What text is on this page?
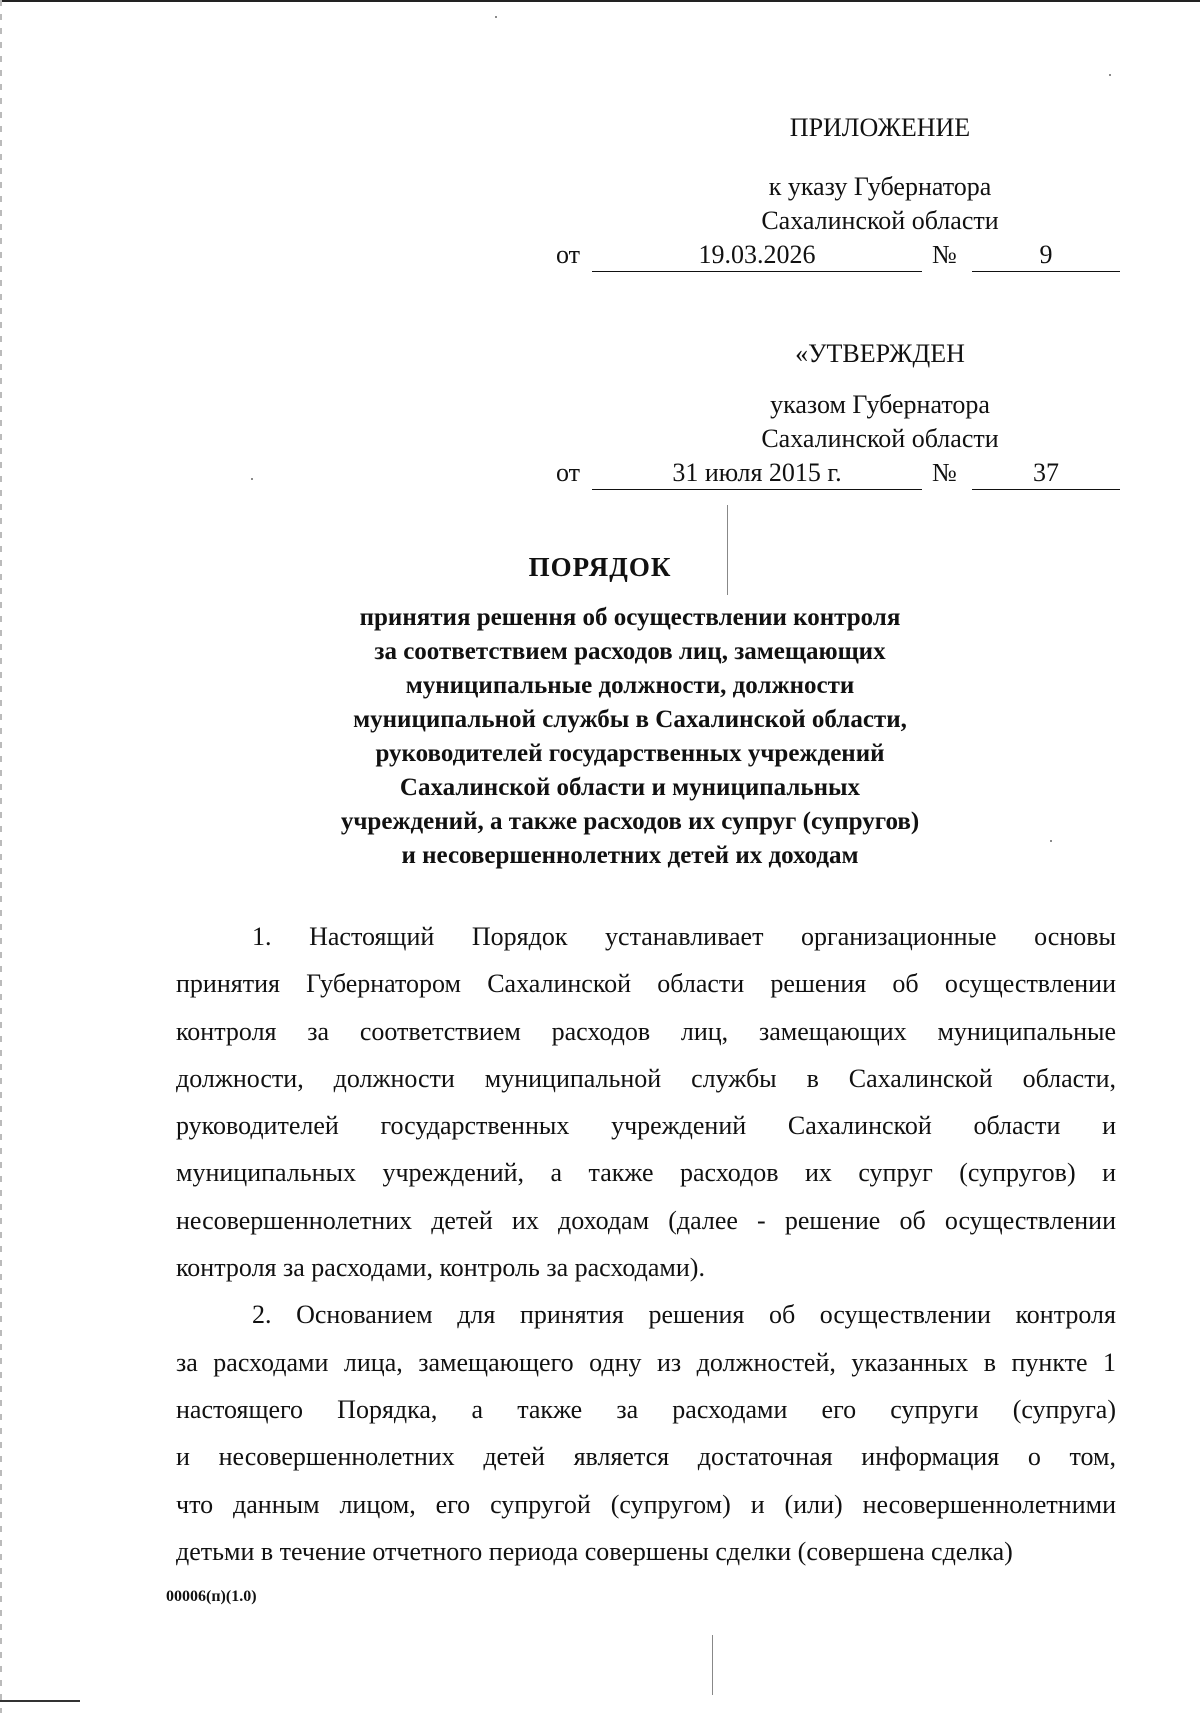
ПРИЛОЖЕНИЕ
к указу Губернатора
Сахалинской области
от	19.03.2026	№	9
«УТВЕРЖДЕН
указом Губернатора
Сахалинской области
от	31 июля 2015 г.	№	37
ПОРЯДОК
принятия решення об осуществлении контроля
за соответствием расходов лиц, замещающих
муниципальные должности, должности
муниципальной службы в Сахалинской области,
руководителей государственных учреждений
Сахалинской области и муниципальных
учреждений, а также расходов их супруг (супругов)
и несовершеннолетних детей их доходам
1. Настоящий Порядок устанавливает организационные основы
принятия Губернатором Сахалинской области решения об осуществлении
контроля за соответствием расходов лиц, замещающих муниципальные
должности, должности муниципальной службы в Сахалинской области,
руководителей государственных учреждений Сахалинской области и
муниципальных учреждений, а также расходов их супруг (супругов) и
несовершеннолетних детей их доходам (далее - решение об осуществлении
контроля за расходами, контроль за расходами).
2. Основанием для принятия решения об осуществлении контроля
за расходами лица, замещающего одну из должностей, указанных в пункте 1
настоящего Порядка, а также за расходами его супруги (супруга)
и несовершеннолетних детей является достаточная информация о том,
что данным лицом, его супругой (супругом) и (или) несовершеннолетними
детьми в течение отчетного периода совершены сделки (совершена сделка)
00006(п)(1.0)
